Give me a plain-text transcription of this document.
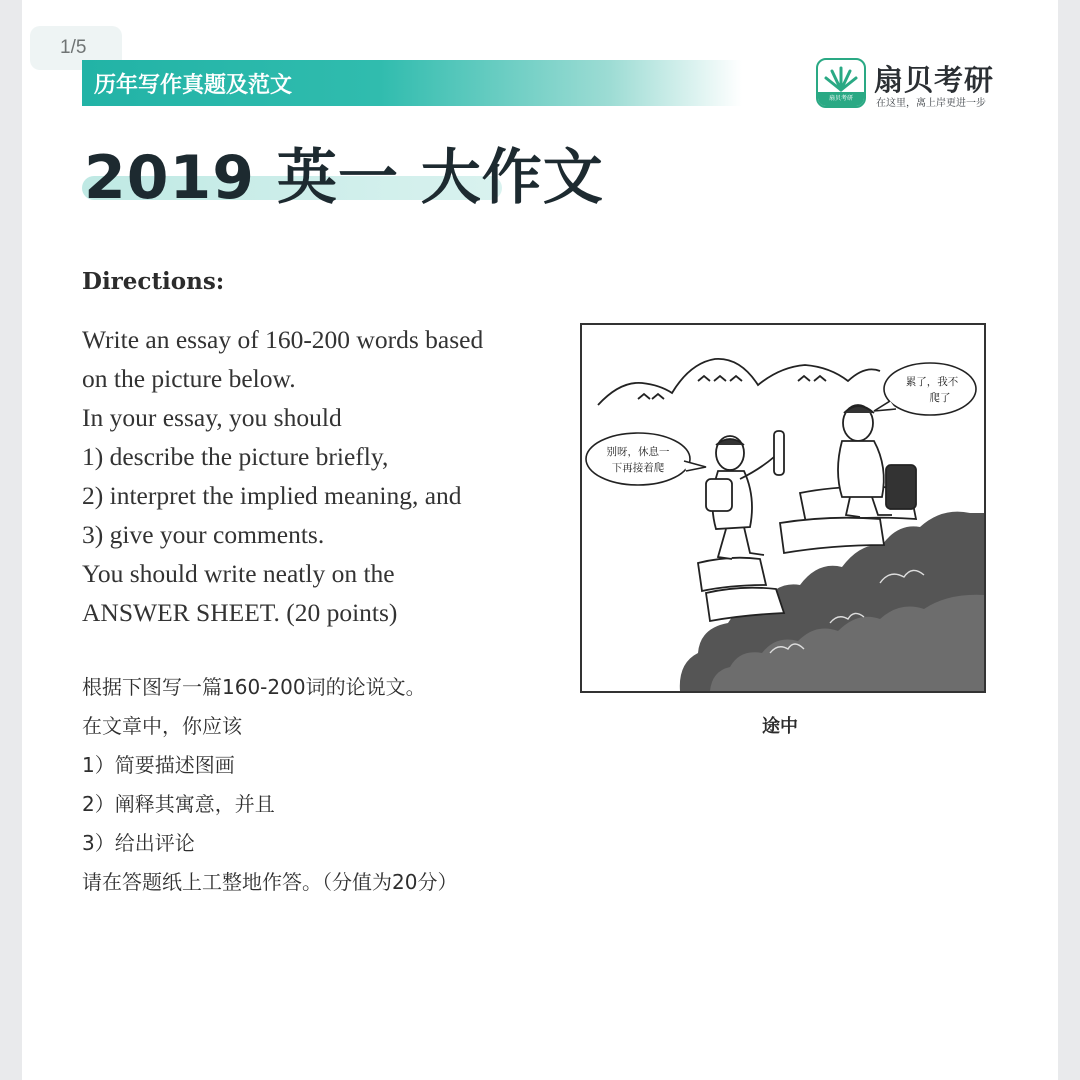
1/5
历年写作真题及范文
扇贝考研
扇贝考研
在这里，离上岸更进一步
2019 英一 大作文
Directions:
Write an essay of 160-200 words based
on the picture below.
In your essay, you should
1) describe the picture briefly,
2) interpret the implied meaning, and
3) give your comments.
You should write neatly on the
ANSWER SHEET. (20 points)
根据下图写一篇160-200词的论说文。
在文章中，你应该
1）简要描述图画
2）阐释其寓意，并且
3）给出评论
请在答题纸上工整地作答。（分值为20分）
别呀，休息一
下再接着爬
累了，我不
爬了
途中
